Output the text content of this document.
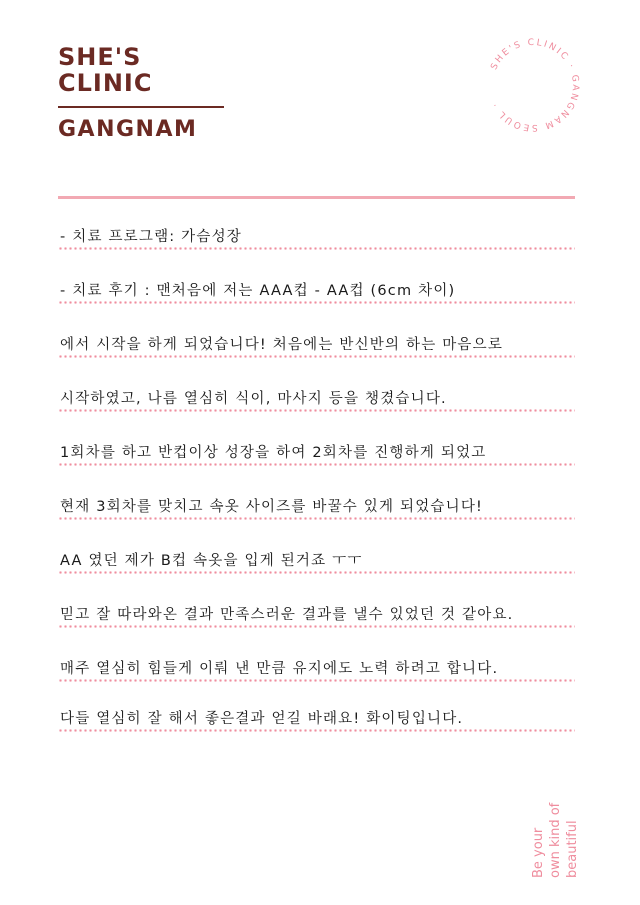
SHE'S
CLINIC
GANGNAM
SHE'S CLINIC · GANGNAM SEOUL ·
- 치료 프로그램: 가슴성장
- 치료 후기 : 맨처음에 저는 AAA컵 - AA컵 (6cm 차이)
에서 시작을 하게 되었습니다! 처음에는 반신반의 하는 마음으로
시작하였고, 나름 열심히 식이, 마사지 등을 챙겼습니다.
1회차를 하고 반컵이상 성장을 하여 2회차를 진행하게 되었고
현재 3회차를 맞치고 속옷 사이즈를 바꿀수 있게 되었습니다!
AA 였던 제가 B컵 속옷을 입게 된거죠 ㅜㅜ
믿고 잘 따라와온 결과 만족스러운 결과를 낼수 있었던 것 같아요.
매주 열심히 힘들게 이뤄 낸 만큼 유지에도 노력 하려고 합니다.
다들 열심히 잘 해서 좋은결과 얻길 바래요! 화이팅입니다.
Be your own kind of beautiful
